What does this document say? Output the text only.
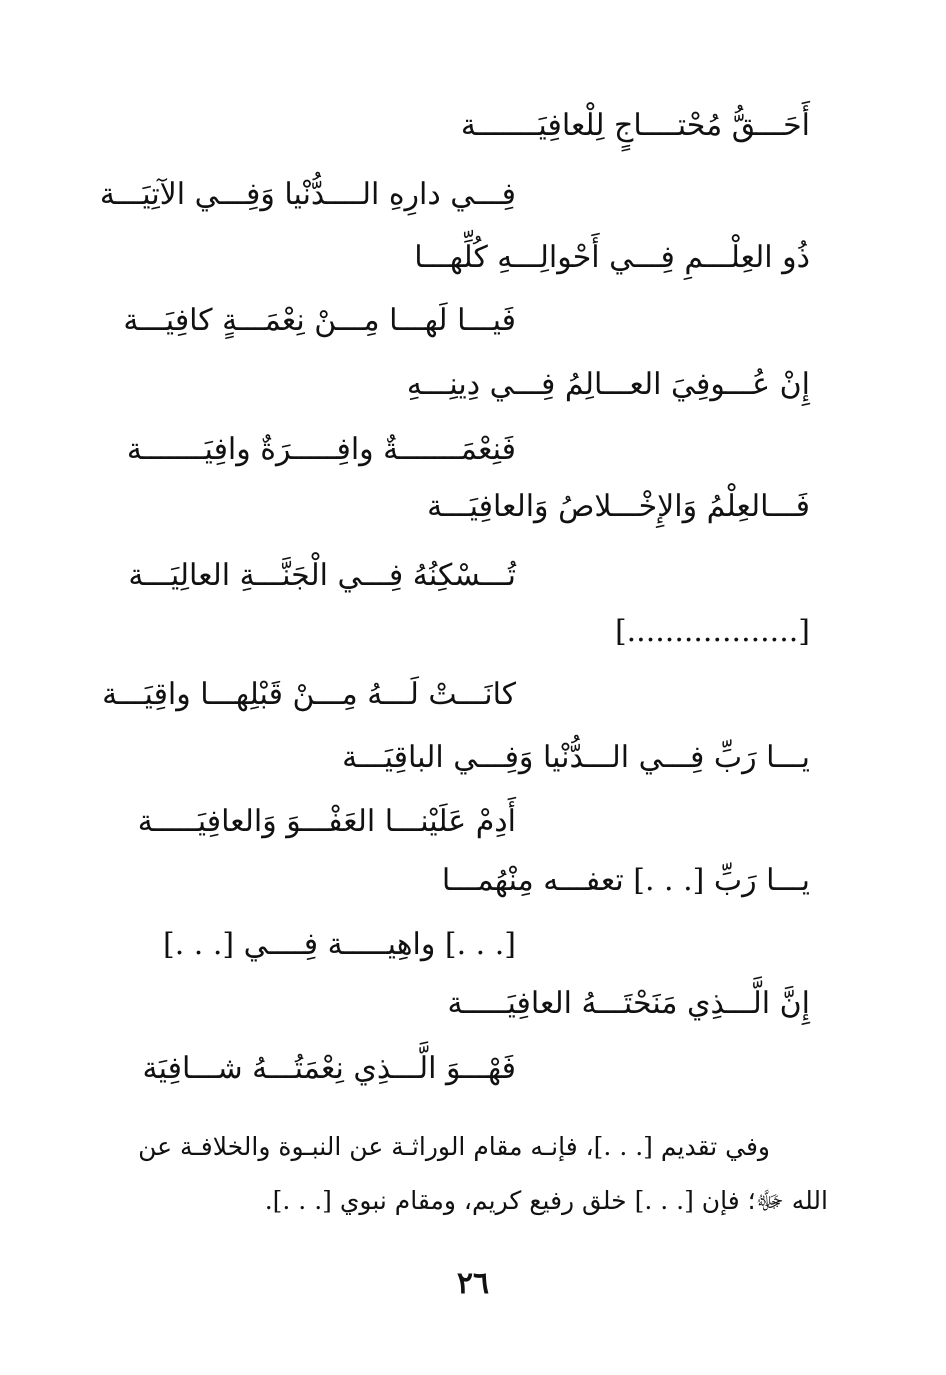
أَحَـــقُّ مُحْتــــاجٍ لِلْعافِيَـــــــة
فِـــي دارِهِ الــــدُّنْيا وَفِـــي الآتِيَـــة
ذُو العِلْـــمِ فِـــي أَحْوالِـــهِ كُلِّهـــا
فَيـــا لَهـــا مِـــنْ نِعْمَـــةٍ كافِيَـــة
إِنْ عُـــوفِيَ العـــالِمُ فِـــي دِينِـــهِ
فَنِعْمَـــــــةٌ وافِـــــرَةٌ وافِيَـــــــة
فَـــالعِلْمُ وَالإِخْـــلاصُ وَالعافِيَـــة
تُـــسْكِنُهُ فِـــي الْجَنَّـــةِ العالِيَـــة
[..................]
كانَـــتْ لَـــهُ مِـــنْ قَبْلِهـــا واقِيَـــة
يـــا رَبِّ فِـــي الـــدُّنْيا وَفِـــي الباقِيَـــة
أَدِمْ عَلَيْنـــا العَفْـــوَ وَالعافِيَـــــة
يـــا رَبِّ [. . .] تعفـــه مِنْهُمـــا
[. . .] واهِيـــــة فِــــي [. . .]
إِنَّ الَّـــذِي مَنَحْتَـــهُ العافِيَـــــة
فَهْـــوَ الَّـــذِي نِعْمَتُـــهُ شـــافِيَة

وفي تقديم [. . .]، فإنـه مقام الوراثـة عن النبـوة والخلافـة عن

الله ﷻ؛ فإن [. . .] خلق رفيع كريم، ومقام نبوي [. . .].
٢٦
